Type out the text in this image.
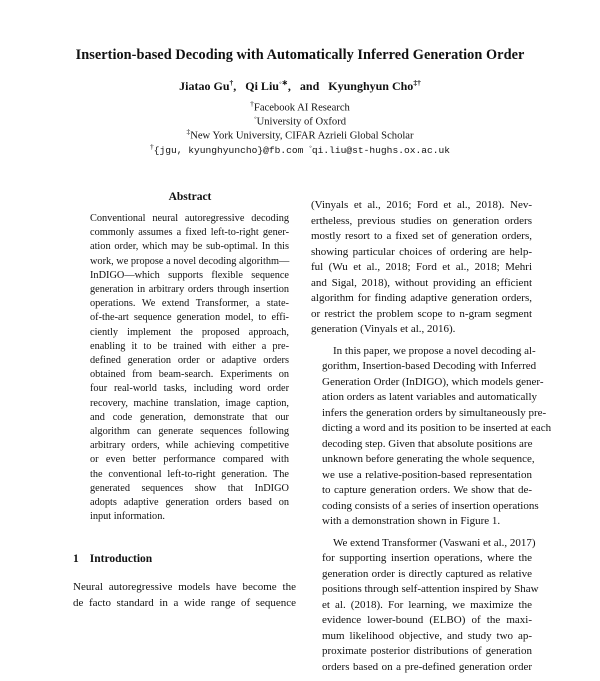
Insertion-based Decoding with Automatically Inferred Generation Order
Jiatao Gu†, Qi Liu◦∗, and Kyunghyun Cho‡†
†Facebook AI Research
◦University of Oxford
‡New York University, CIFAR Azrieli Global Scholar
†{jgu, kyunghyuncho}@fb.com ◦qi.liu@st-hughs.ox.ac.uk
Abstract
Conventional neural autoregressive decoding
commonly assumes a fixed left-to-right gener-
ation order, which may be sub-optimal. In this
work, we propose a novel decoding algorithm—
InDIGO—which supports flexible sequence
generation in arbitrary orders through insertion
operations. We extend Transformer, a state-
of-the-art sequence generation model, to effi-
ciently implement the proposed approach,
enabling it to be trained with either a pre-
defined generation order or adaptive orders
obtained from beam-search. Experiments on
four real-world tasks, including word order
recovery, machine translation, image caption,
and code generation, demonstrate that our
algorithm can generate sequences following
arbitrary orders, while achieving competitive
or even better performance compared with
the conventional left-to-right generation. The
generated sequences show that InDIGO
adopts adaptive generation orders based on
input information.
1 Introduction
Neural autoregressive models have become the
de facto standard in a wide range of sequence

(Vinyals et al., 2016; Ford et al., 2018). Nev-
ertheless, previous studies on generation orders
mostly resort to a fixed set of generation orders,
showing particular choices of ordering are help-
ful (Wu et al., 2018; Ford et al., 2018; Mehri
and Sigal, 2018), without providing an efficient
algorithm for finding adaptive generation orders,
or restrict the problem scope to n-gram segment
generation (Vinyals et al., 2016).

In this paper, we propose a novel decoding al-
gorithm, Insertion-based Decoding with Inferred
Generation Order (InDIGO), which models gener-
ation orders as latent variables and automatically
infers the generation orders by simultaneously pre-
dicting a word and its position to be inserted at each
decoding step. Given that absolute positions are
unknown before generating the whole sequence,
we use a relative-position-based representation
to capture generation orders. We show that de-
coding consists of a series of insertion operations
with a demonstration shown in Figure 1.

We extend Transformer (Vaswani et al., 2017)
for supporting insertion operations, where the
generation order is directly captured as relative
positions through self-attention inspired by Shaw
et al. (2018). For learning, we maximize the
evidence lower-bound (ELBO) of the maxi-
mum likelihood objective, and study two ap-
proximate posterior distributions of generation
orders based on a pre-defined generation order
